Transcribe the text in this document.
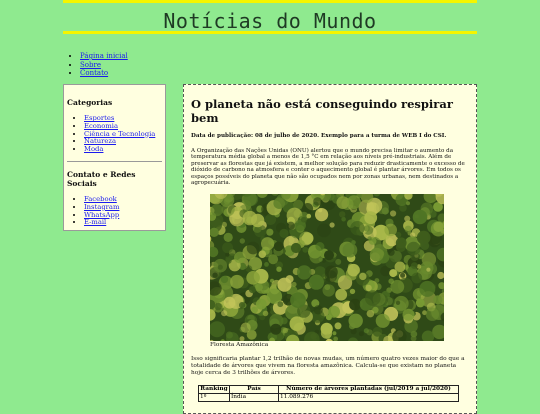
Notícias do Mundo
• Página inicial
• Sobre
• Contato
Categorias
• Esportes
• Economia
• Ciência e Tecnologia
• Natureza
• Moda
Contato e Redes Sociais
• Facebook
• Instagram
• WhatsApp
• E-mail
O planeta não está conseguindo respirar bem

Data de publicação: 08 de julho de 2020. Exemplo para a turma de WEB I do CSI.

A Organização das Nações Unidas (ONU) alertou que o mundo precisa limitar o aumento da temperatura média global a menos de 1,5 °C em relação aos níveis pré-industriais. Além de preservar as florestas que já existem, a melhor solução para reduzir drasticamente o excesso de dióxido de carbono na atmosfera e conter o aquecimento global é plantar árvores. Em todos os espaços possíveis do planeta que não são ocupados nem por zonas urbanas, nem destinados a agropecuária.

Floresta Amazônica

Isso significaria plantar 1,2 trilhão de novas mudas, um número quatro vezes maior do que a totalidade de árvores que vivem na floresta amazônica. Calcula-se que existam no planeta hoje cerca de 3 trilhões de árvores.

Ranking	País	Número de árvores plantadas (jul/2019 a jul/2020)
1º	Índia	11.089.276
